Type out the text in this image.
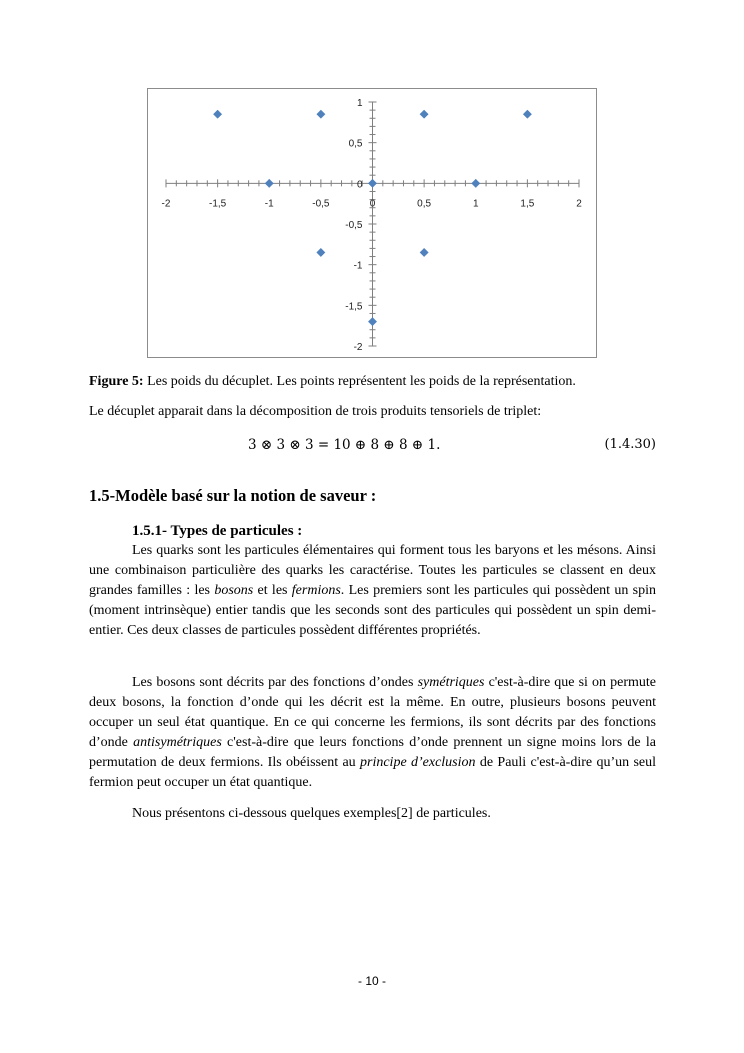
-2	-1,5	-1	-0,5	0	0,5	1	1,5	2
1
0,5
0
-0,5
-1
-1,5
-2
Figure 5: Les poids du décuplet. Les points représentent les poids de la représentation.
Le décuplet apparait dans la décomposition de trois produits tensoriels de triplet:
3 ⊗ 3 ⊗ 3 = 10 ⊕ 8 ⊕ 8 ⊕ 1.	(1.4.30)
1.5-Modèle basé sur la notion de saveur :
1.5.1- Types de particules :
Les quarks sont les particules élémentaires qui forment tous les baryons et les mésons. Ainsi une combinaison particulière des quarks les caractérise. Toutes les particules se classent en deux grandes familles : les bosons et les fermions. Les premiers sont les particules qui possèdent un spin (moment intrinsèque) entier tandis que les seconds sont des particules qui possèdent un spin demi-entier. Ces deux classes de particules possèdent différentes propriétés.
Les bosons sont décrits par des fonctions d’ondes symétriques c'est-à-dire que si on permute deux bosons, la fonction d’onde qui les décrit est la même. En outre, plusieurs bosons peuvent occuper un seul état quantique. En ce qui concerne les fermions, ils sont décrits par des fonctions d’onde antisymétriques c'est-à-dire que leurs fonctions d’onde prennent un signe moins lors de la permutation de deux fermions. Ils obéissent au principe d’exclusion de Pauli c'est-à-dire qu’un seul fermion peut occuper un état quantique.
Nous présentons ci-dessous quelques exemples[2] de particules.
- 10 -
